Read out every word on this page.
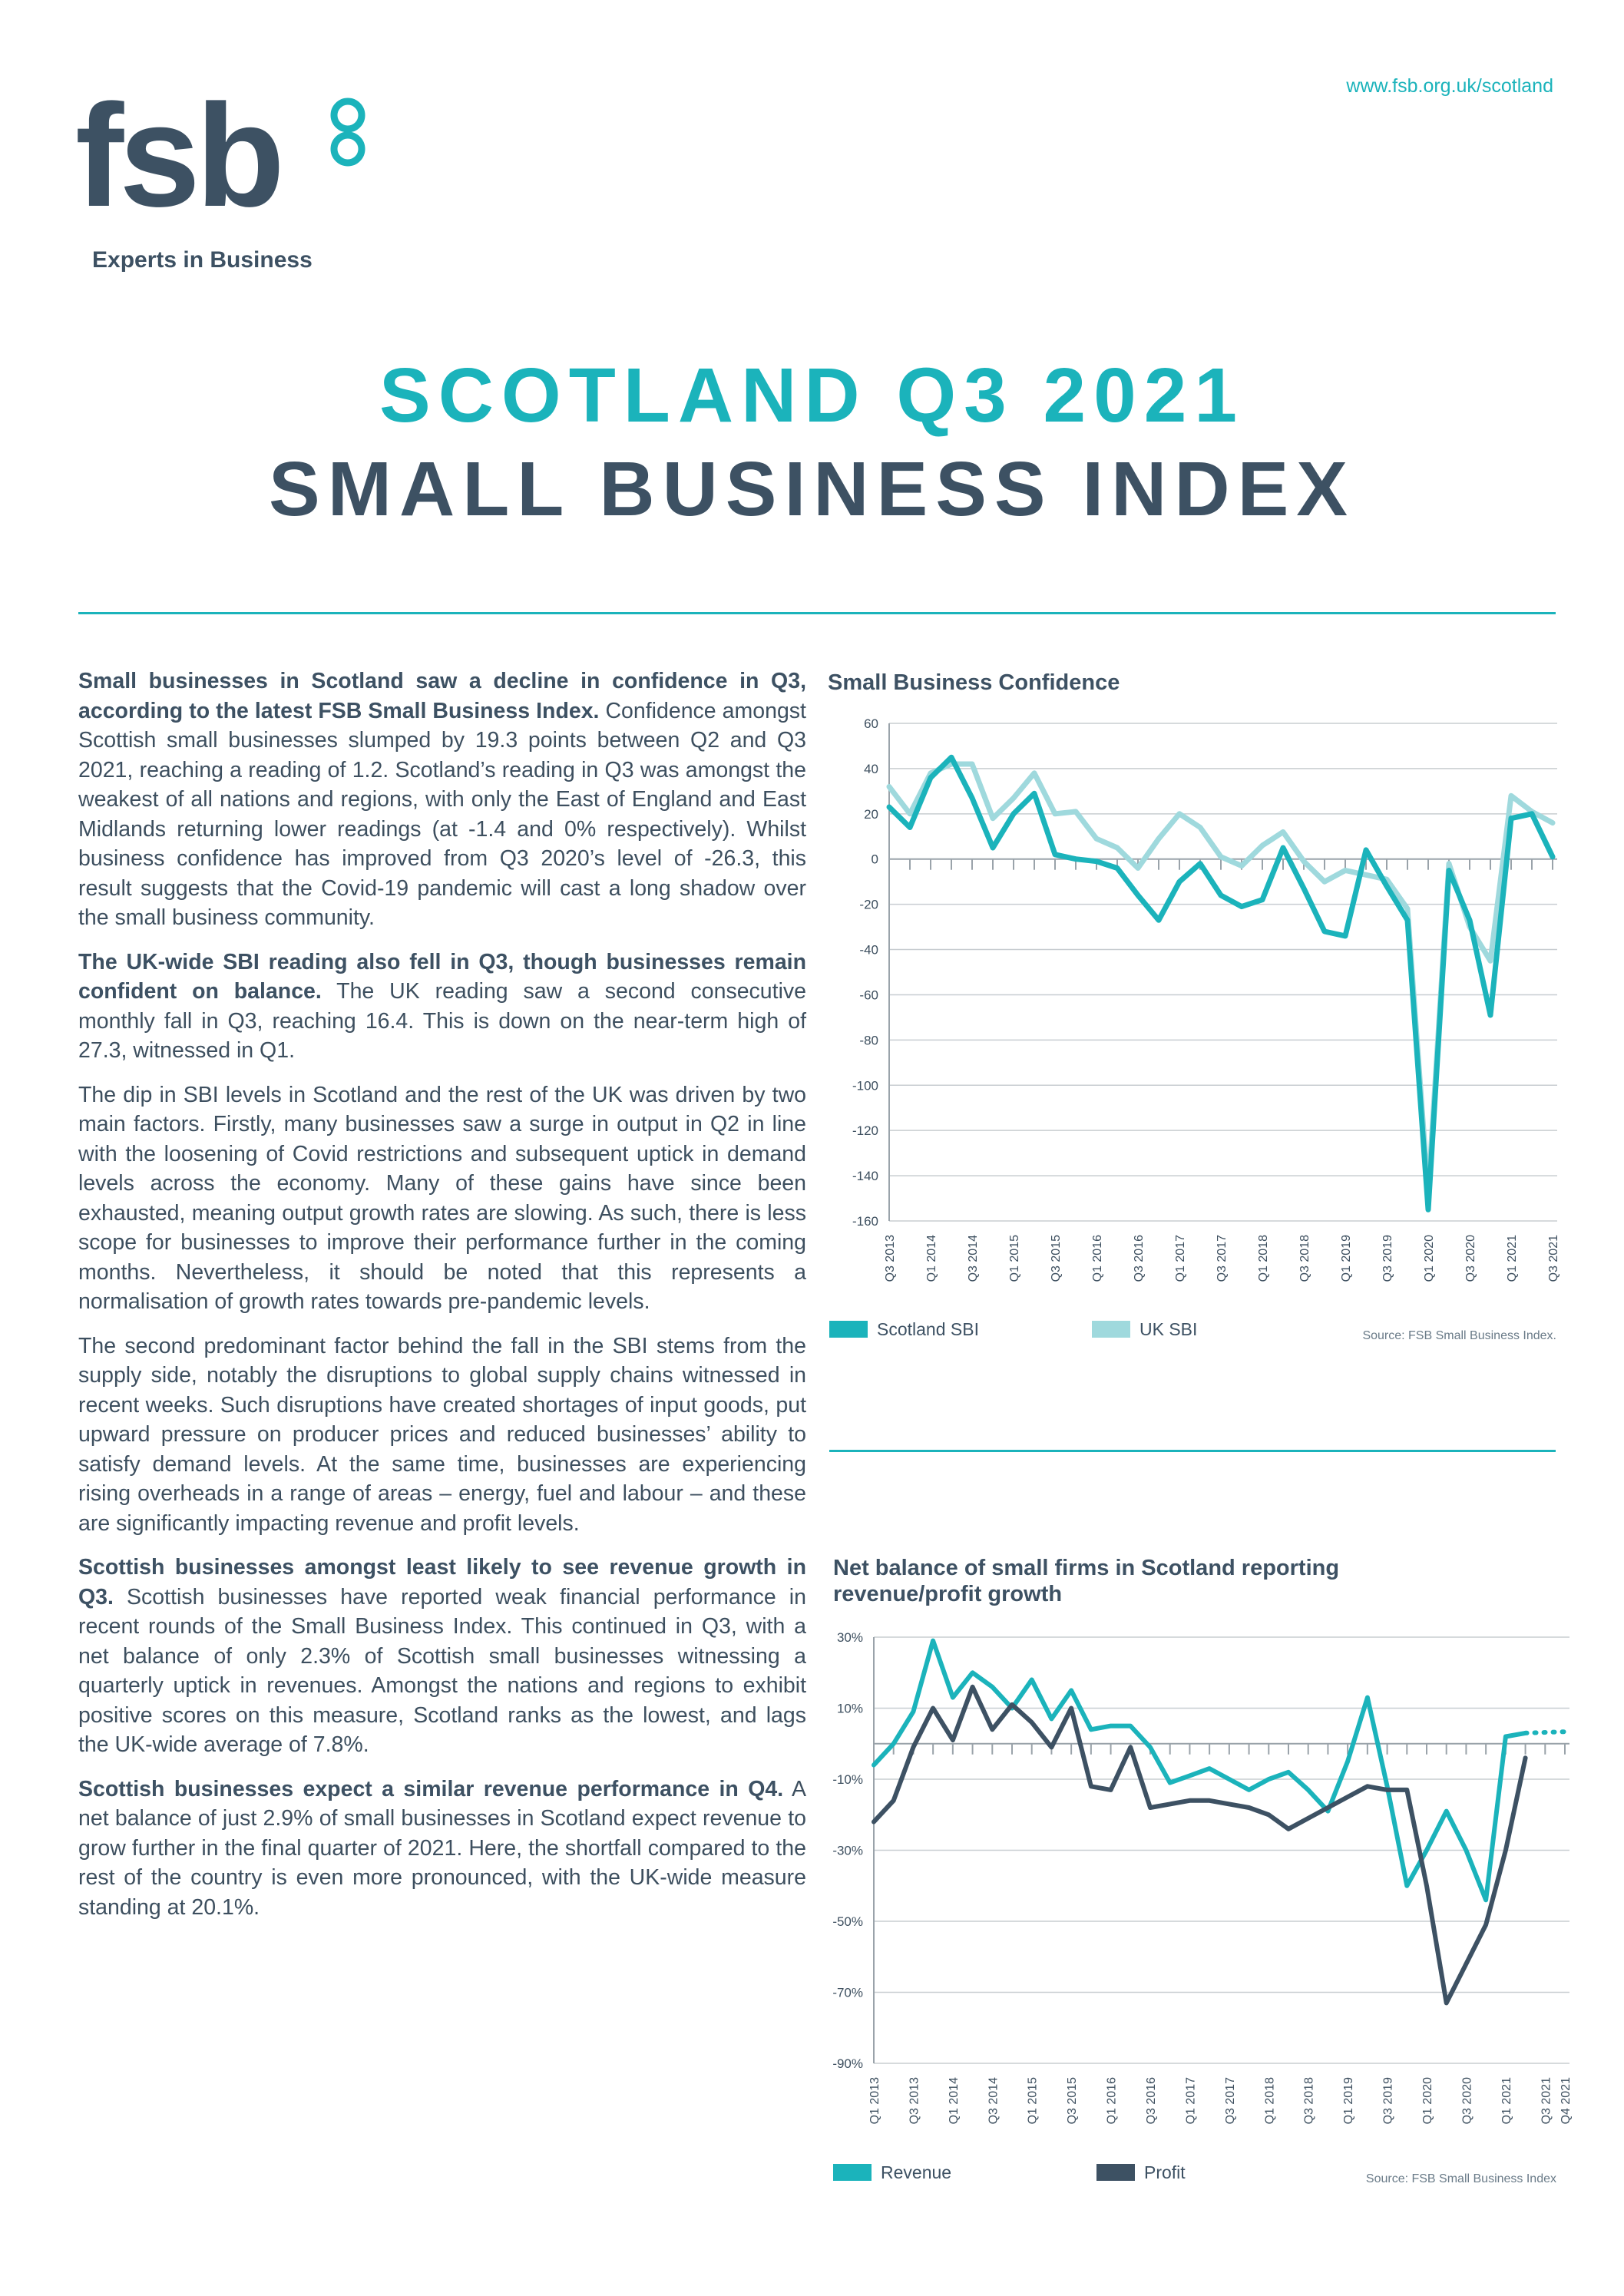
www.fsb.org.uk/scotland
fsb
Experts in Business
SCOTLAND Q3 2021
SMALL BUSINESS INDEX

Small businesses in Scotland saw a decline in confidence in Q3, according to the latest FSB Small Business Index. Confidence amongst Scottish small businesses slumped by 19.3 points between Q2 and Q3 2021, reaching a reading of 1.2. Scotland’s reading in Q3 was amongst the weakest of all nations and regions, with only the East of England and East Midlands returning lower readings (at -1.4 and 0% respectively). Whilst business confidence has improved from Q3 2020’s level of -26.3, this result suggests that the Covid-19 pandemic will cast a long shadow over the small business community.

The UK-wide SBI reading also fell in Q3, though businesses remain confident on balance. The UK reading saw a second consecutive monthly fall in Q3, reaching 16.4. This is down on the near-term high of 27.3, witnessed in Q1.

The dip in SBI levels in Scotland and the rest of the UK was driven by two main factors. Firstly, many businesses saw a surge in output in Q2 in line with the loosening of Covid restrictions and subsequent uptick in demand levels across the economy. Many of these gains have since been exhausted, meaning output growth rates are slowing. As such, there is less scope for businesses to improve their performance further in the coming months. Nevertheless, it should be noted that this represents a normalisation of growth rates towards pre-pandemic levels.

The second predominant factor behind the fall in the SBI stems from the supply side, notably the disruptions to global supply chains witnessed in recent weeks. Such disruptions have created shortages of input goods, put upward pressure on producer prices and reduced businesses’ ability to satisfy demand levels. At the same time, businesses are experiencing rising overheads in a range of areas – energy, fuel and labour – and these are significantly impacting revenue and profit levels.

Scottish businesses amongst least likely to see revenue growth in Q3. Scottish businesses have reported weak financial performance in recent rounds of the Small Business Index. This continued in Q3, with a net balance of only 2.3% of Scottish small businesses witnessing a quarterly uptick in revenues. Amongst the nations and regions to exhibit positive scores on this measure, Scotland ranks as the lowest, and lags the UK-wide average of 7.8%.

Scottish businesses expect a similar revenue performance in Q4. A net balance of just 2.9% of small businesses in Scotland expect revenue to grow further in the final quarter of 2021. Here, the shortfall compared to the rest of the country is even more pronounced, with the UK-wide measure standing at 20.1%.

Small Business Confidence
60
40
20
0
-20
-40
-60
-80
-100
-120
-140
-160
Q3 2013 Q1 2014 Q3 2014 Q1 2015 Q3 2015 Q1 2016 Q3 2016 Q1 2017 Q3 2017 Q1 2018 Q3 2018 Q1 2019 Q3 2019 Q1 2020 Q3 2020 Q1 2021 Q3 2021
Scotland SBI	UK SBI	Source: FSB Small Business Index.
Net balance of small firms in Scotland reporting revenue/profit growth
30%
10%
-10%
-30%
-50%
-70%
-90%
Q1 2013 Q3 2013 Q1 2014 Q3 2014 Q1 2015 Q3 2015 Q1 2016 Q3 2016 Q1 2017 Q3 2017 Q1 2018 Q3 2018 Q1 2019 Q3 2019 Q1 2020 Q3 2020 Q1 2021 Q3 2021 Q4 2021
Revenue	Profit	Source: FSB Small Business Index
